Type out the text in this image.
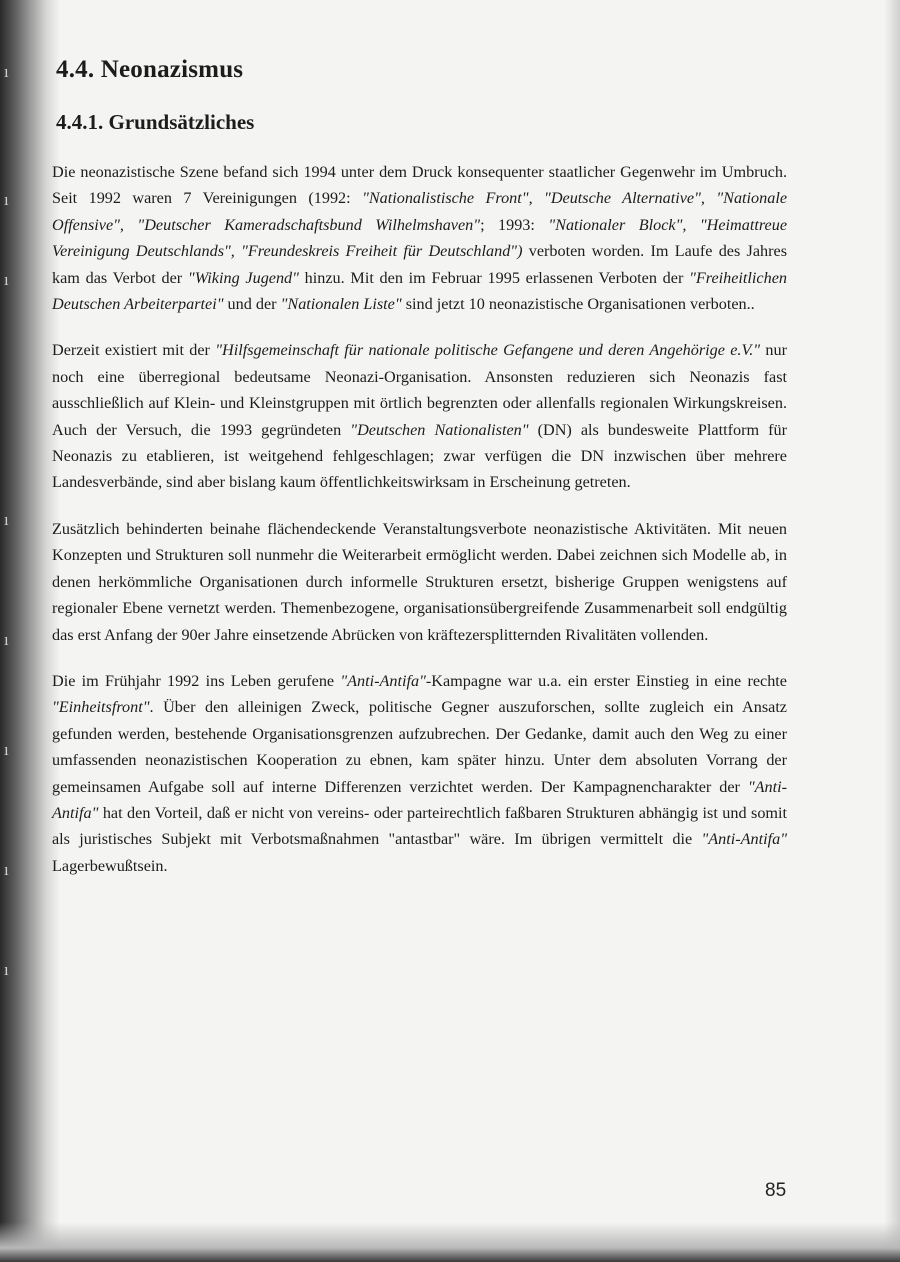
ı
ı
ı
ı
ı
ı
ı
ı
4.4. Neonazismus
4.4.1. Grundsätzliches

Die neonazistische Szene befand sich 1994 unter dem Druck konsequenter staatlicher Gegenwehr im Umbruch. Seit 1992 waren 7 Vereinigungen (1992: "Nationalistische Front", "Deutsche Alternative", "Nationale Offensive", "Deutscher Kameradschaftsbund Wilhelmshaven"; 1993: "Nationaler Block", "Heimattreue Vereinigung Deutschlands", "Freundeskreis Freiheit für Deutschland") verboten worden. Im Laufe des Jahres kam das Verbot der "Wiking Jugend" hinzu. Mit den im Februar 1995 erlassenen Verboten der "Freiheitlichen Deutschen Arbeiterpartei" und der "Nationalen Liste" sind jetzt 10 neonazistische Organisationen verboten..

Derzeit existiert mit der "Hilfsgemeinschaft für nationale politische Gefangene und deren Angehörige e.V." nur noch eine überregional bedeutsame Neonazi-Organisation. Ansonsten reduzieren sich Neonazis fast ausschließlich auf Klein- und Kleinstgruppen mit örtlich begrenzten oder allenfalls regionalen Wirkungskreisen. Auch der Versuch, die 1993 gegründeten "Deutschen Nationalisten" (DN) als bundesweite Plattform für Neonazis zu etablieren, ist weitgehend fehlgeschlagen; zwar verfügen die DN inzwischen über mehrere Landesverbände, sind aber bislang kaum öffentlichkeitswirksam in Erscheinung getreten.

Zusätzlich behinderten beinahe flächendeckende Veranstaltungsverbote neonazistische Aktivitäten. Mit neuen Konzepten und Strukturen soll nunmehr die Weiterarbeit ermöglicht werden. Dabei zeichnen sich Modelle ab, in denen herkömmliche Organisationen durch informelle Strukturen ersetzt, bisherige Gruppen wenigstens auf regionaler Ebene vernetzt werden. Themenbezogene, organisationsübergreifende Zusammenarbeit soll endgültig das erst Anfang der 90er Jahre einsetzende Abrücken von kräftezersplitternden Rivalitäten vollenden.

Die im Frühjahr 1992 ins Leben gerufene "Anti-Antifa"-Kampagne war u.a. ein erster Einstieg in eine rechte "Einheitsfront". Über den alleinigen Zweck, politische Gegner auszuforschen, sollte zugleich ein Ansatz gefunden werden, bestehende Organisationsgrenzen aufzubrechen. Der Gedanke, damit auch den Weg zu einer umfassenden neonazistischen Kooperation zu ebnen, kam später hinzu. Unter dem absoluten Vorrang der gemeinsamen Aufgabe soll auf interne Differenzen verzichtet werden. Der Kampagnencharakter der "Anti-Antifa" hat den Vorteil, daß er nicht von vereins- oder parteirechtlich faßbaren Strukturen abhängig ist und somit als juristisches Subjekt mit Verbotsmaßnahmen "antastbar" wäre. Im übrigen vermittelt die "Anti-Antifa" Lagerbewußtsein.

85
